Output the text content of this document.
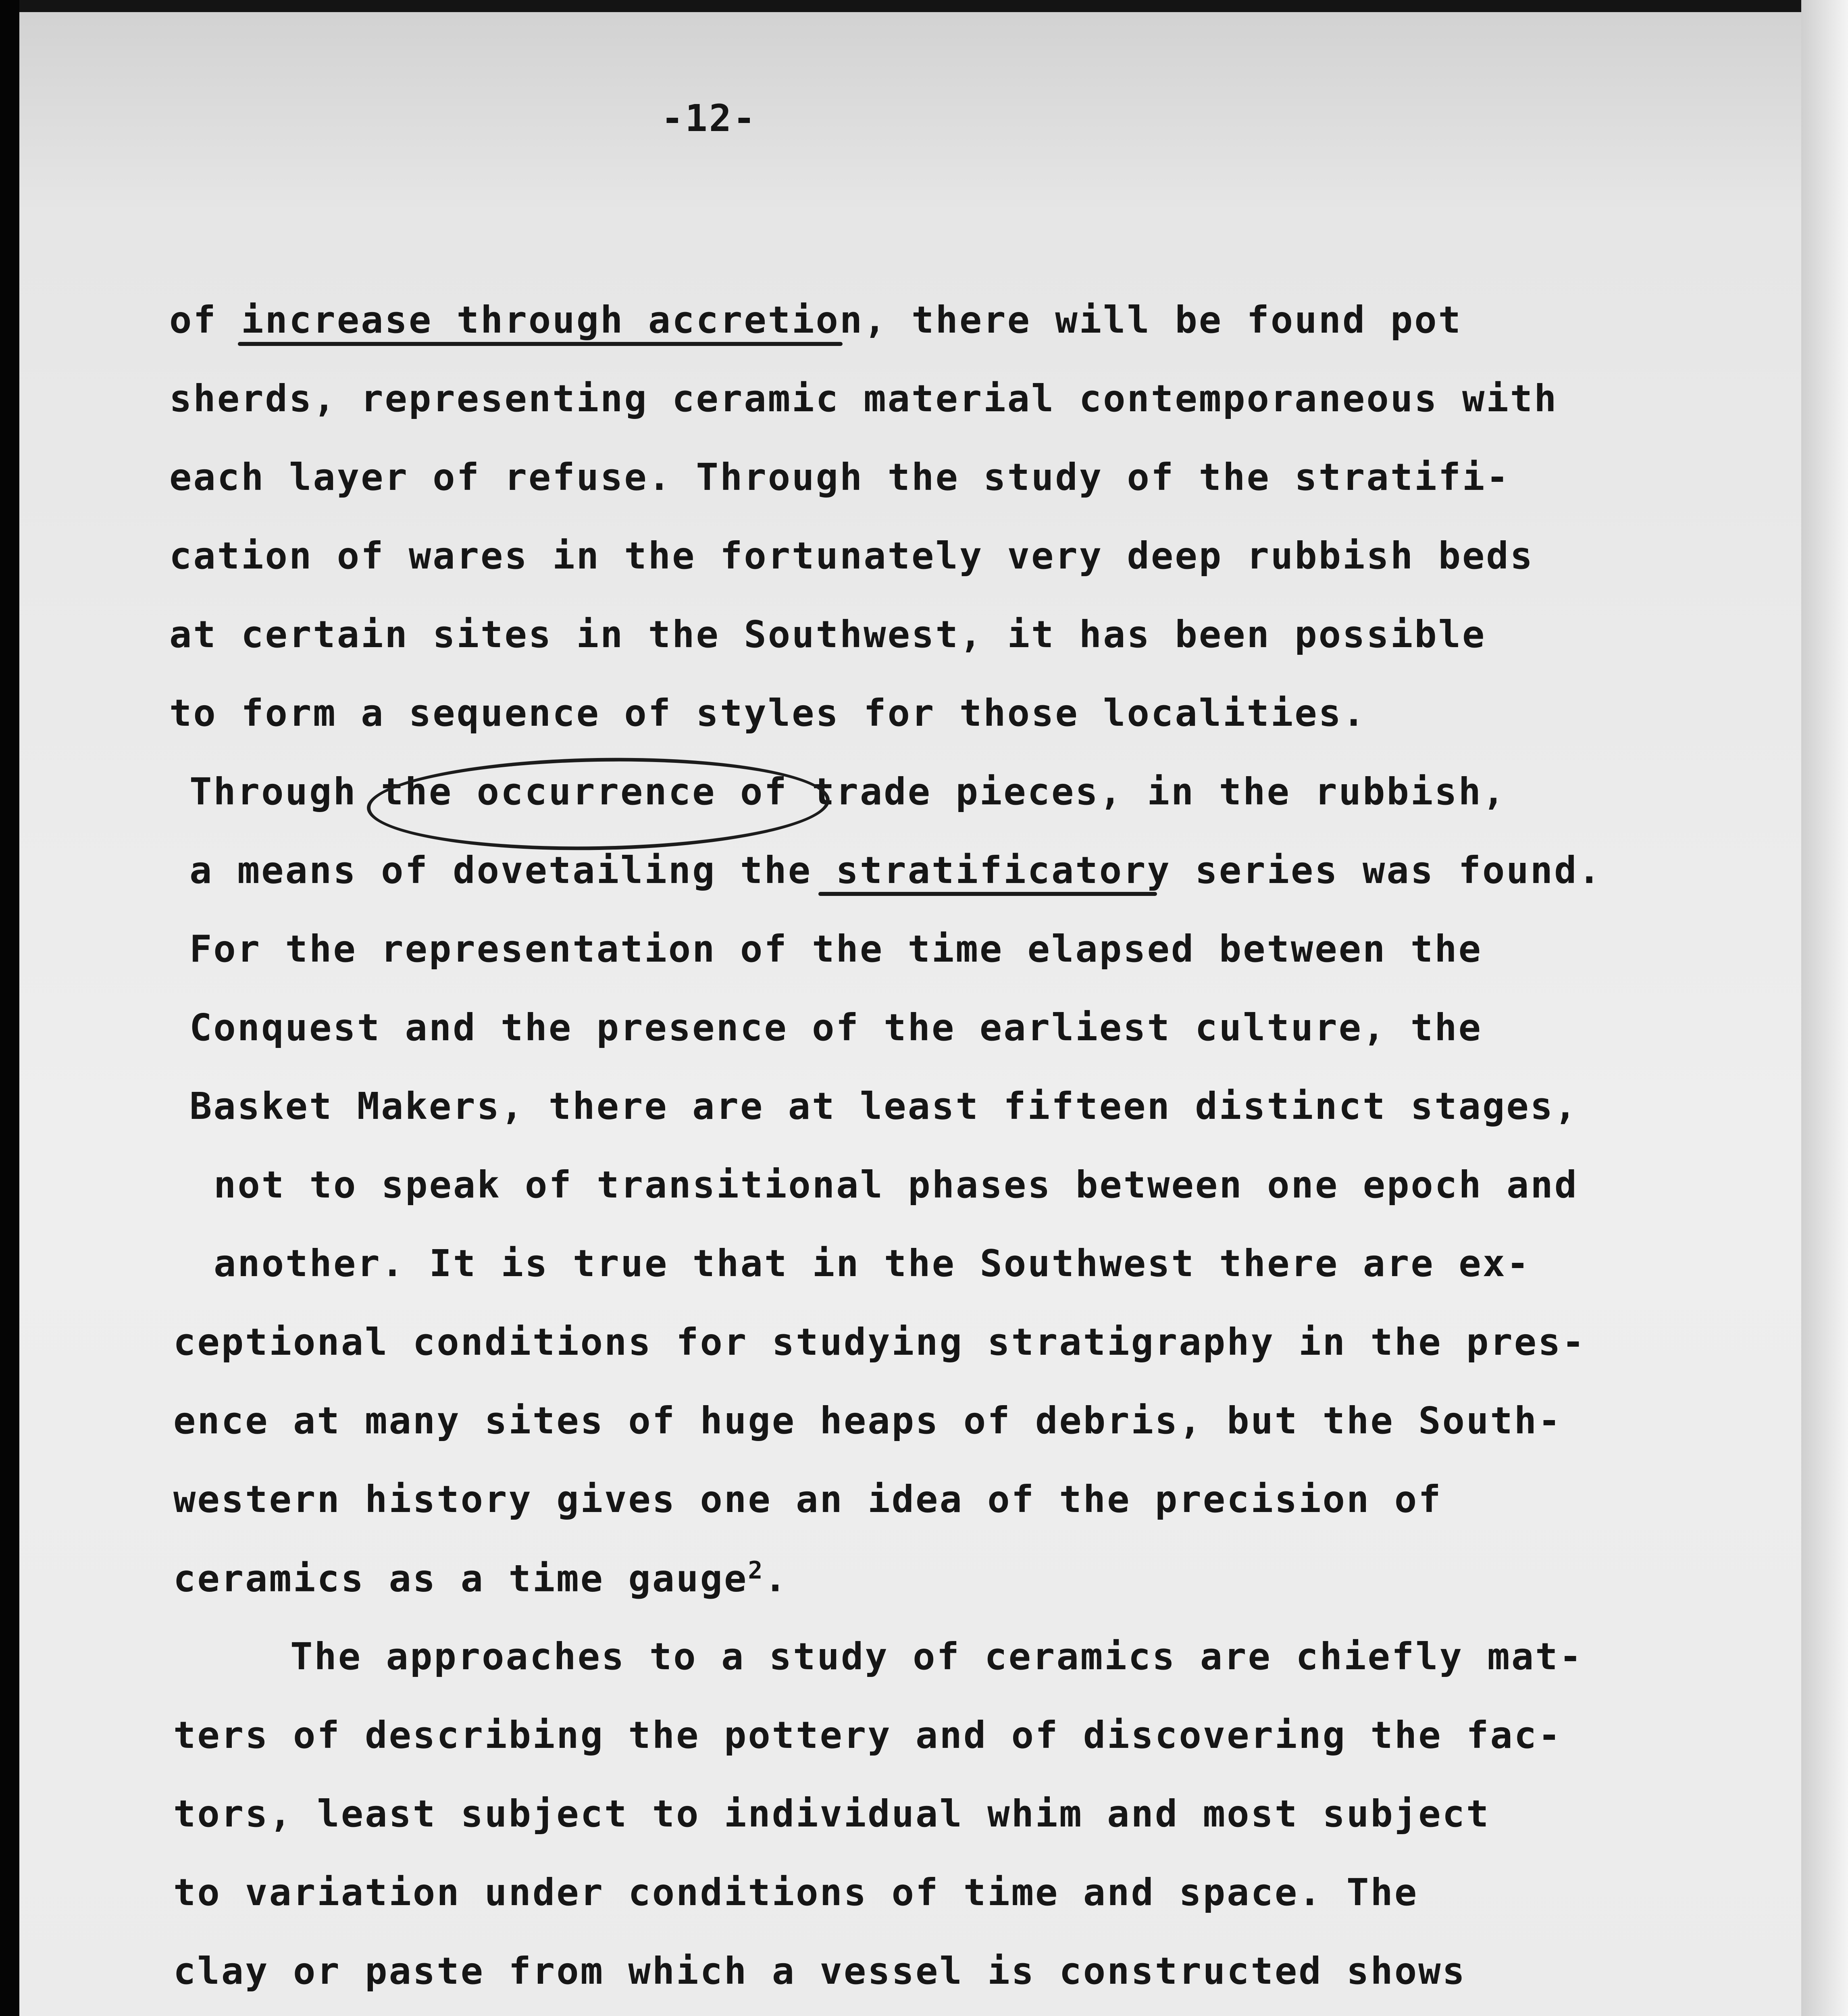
-12-
of increase through accretion, there will be found pot
sherds, representing ceramic material contemporaneous with
each layer of refuse. Through the study of the stratifi-
cation of wares in the fortunately very deep rubbish beds
at certain sites in the Southwest, it has been possible
to form a sequence of styles for those localities.
Through the occurrence of trade pieces, in the rubbish,
a means of dovetailing the stratificatory series was found.
For the representation of the time elapsed between the
Conquest and the presence of the earliest culture, the
Basket Makers, there are at least fifteen distinct stages,
not to speak of transitional phases between one epoch and
another. It is true that in the Southwest there are ex-
ceptional conditions for studying stratigraphy in the pres-
ence at many sites of huge heaps of debris, but the South-
western history gives one an idea of the precision of
ceramics as a time gauge$^2$.
The approaches to a study of ceramics are chiefly mat-
ters of describing the pottery and of discovering the fac-
tors, least subject to individual whim and most subject
to variation under conditions of time and space. The
clay or paste from which a vessel is constructed shows
